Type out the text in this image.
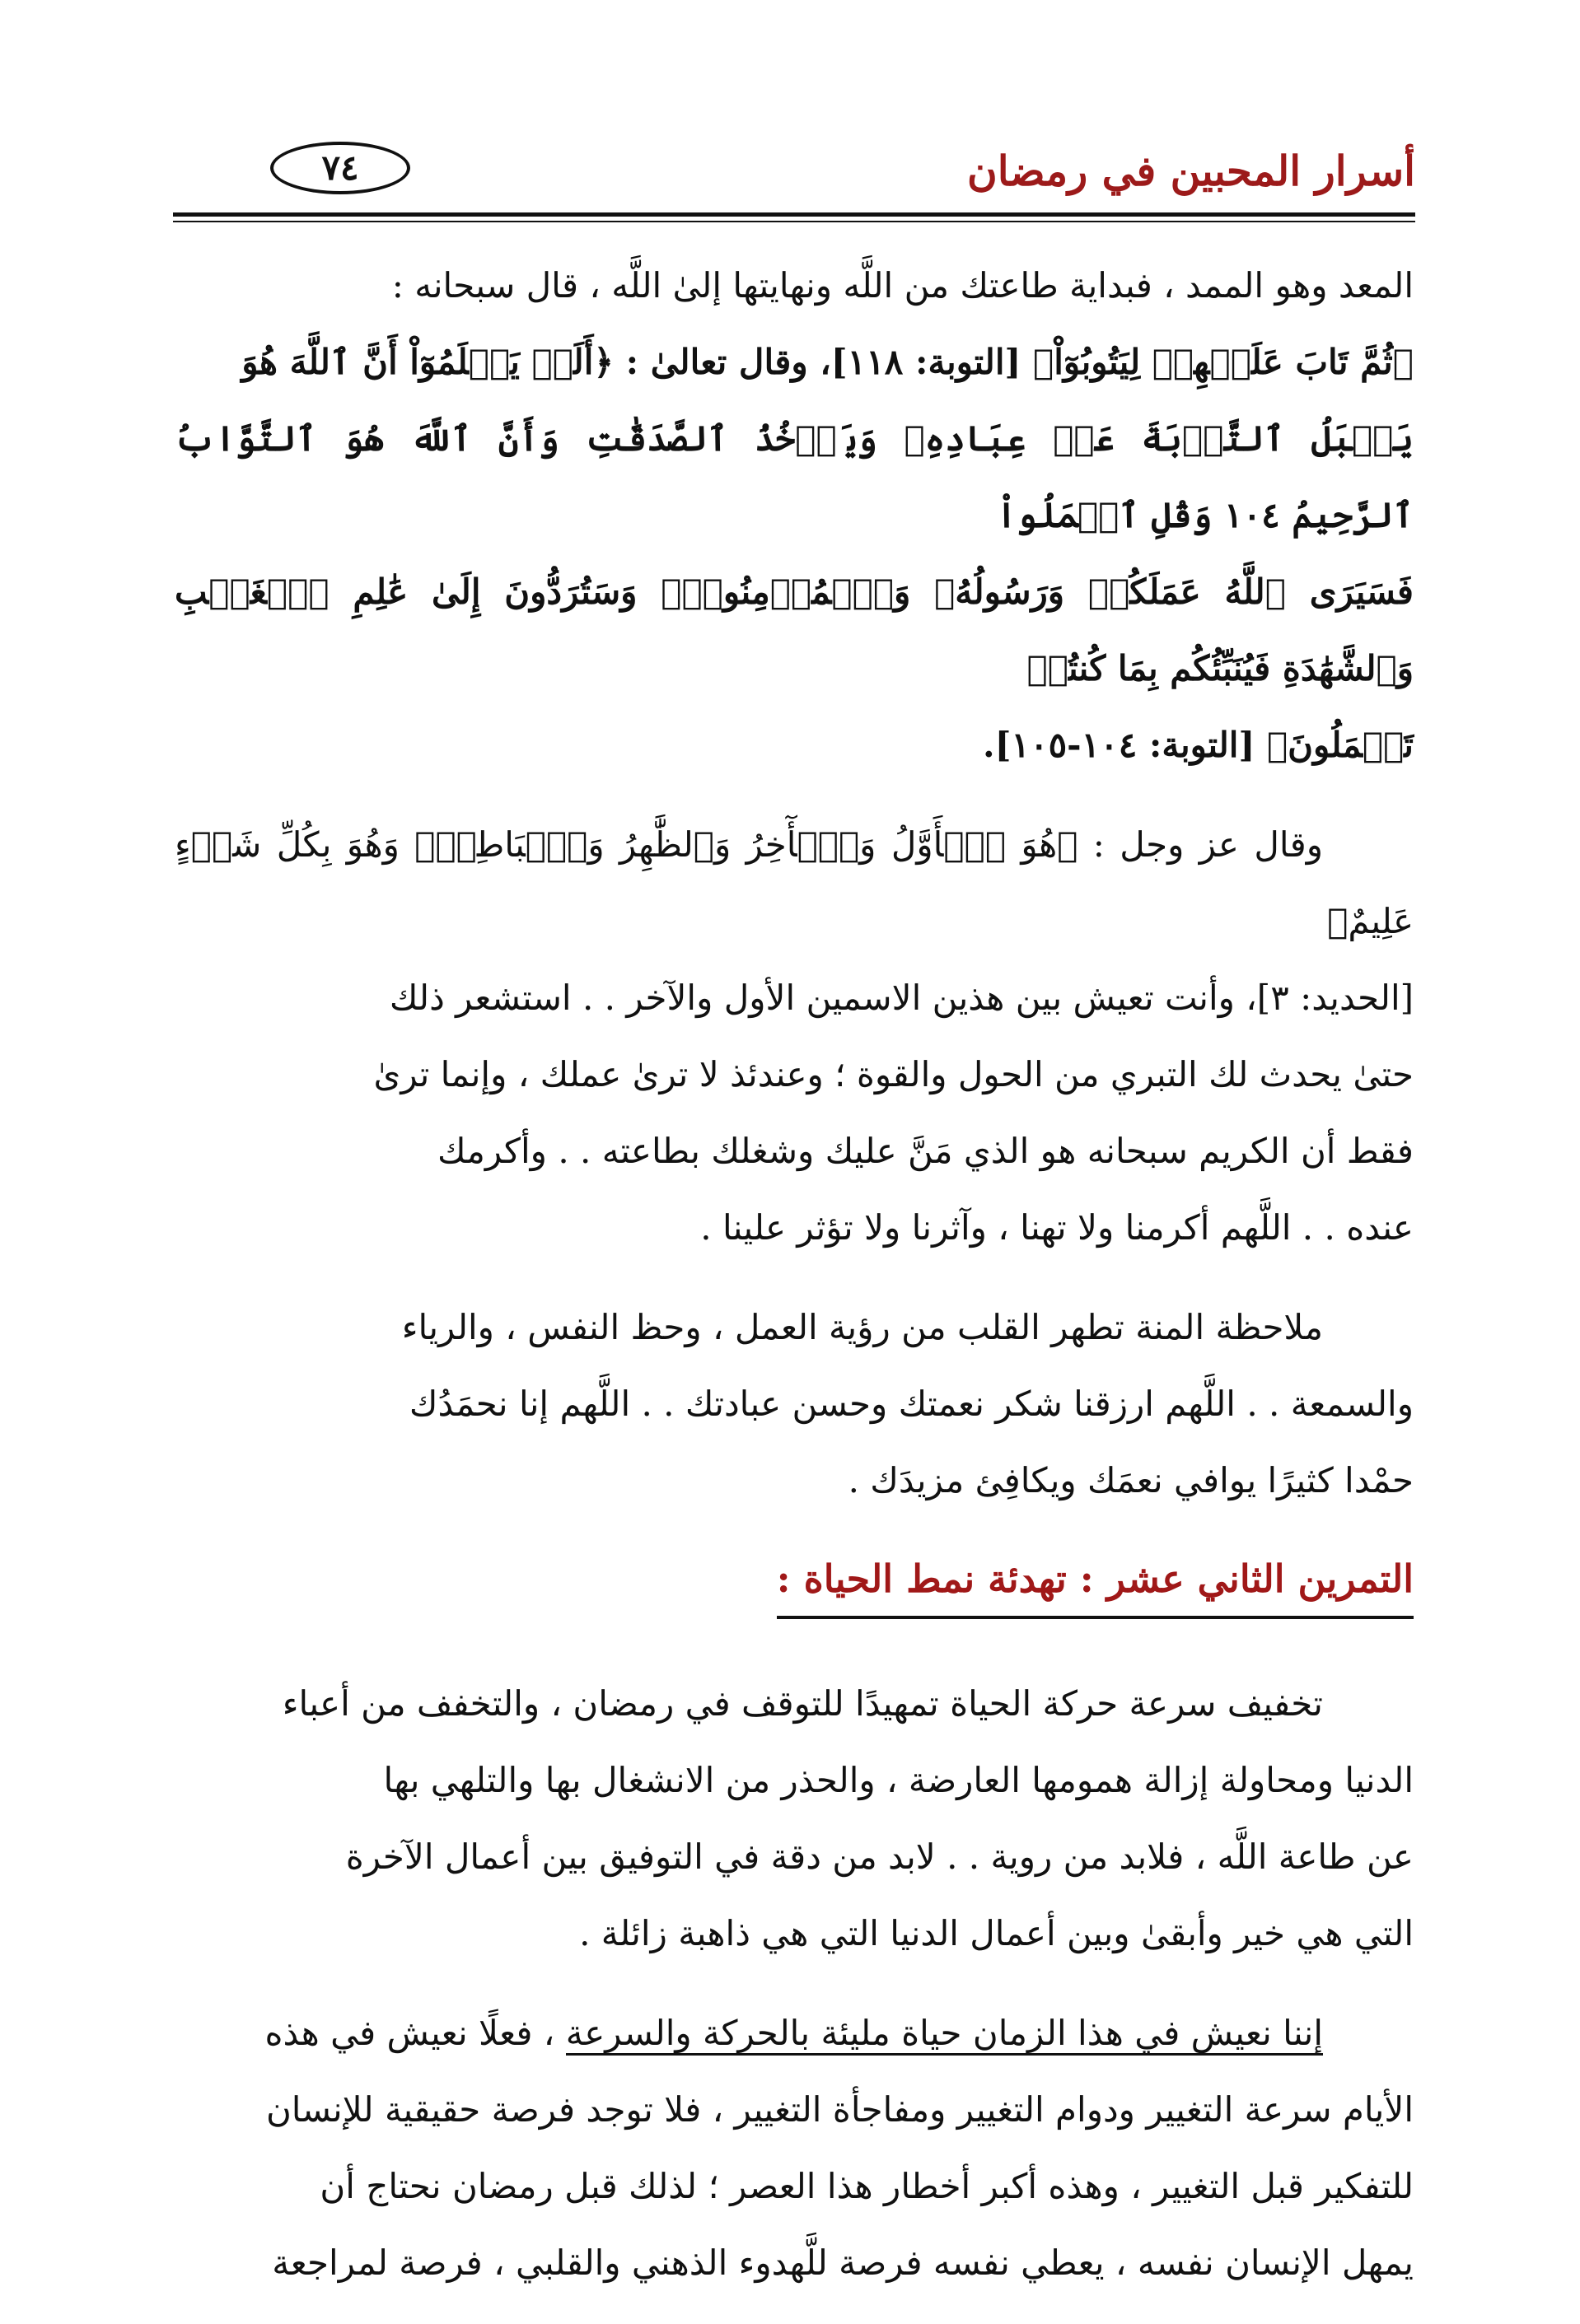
أسرار المحبين في رمضان
٧٤
المعد وهو الممد ، فبداية طاعتك من اللَّه ونهايتها إلىٰ اللَّه ، قال سبحانه :
﴿ثُمَّ تَابَ عَلَيۡهِمۡ لِيَتُوبُوٓاْ﴾ [التوبة: ١١٨]، وقال تعالىٰ : ﴿أَلَمۡ يَعۡلَمُوٓاْ أَنَّ ٱللَّهَ هُوَ
يَقۡبَلُ ٱلتَّوۡبَةَ عَنۡ عِبَادِهِۦ وَيَأۡخُذُ ٱلصَّدَقَٰتِ وَأَنَّ ٱللَّهَ هُوَ ٱلتَّوَّابُ ٱلرَّحِيمُ ١٠٤ وَقُلِ ٱعۡمَلُواْ
فَسَيَرَى ٱللَّهُ عَمَلَكُمۡ وَرَسُولُهُۥ وَٱلۡمُؤۡمِنُونَۖ وَسَتُرَدُّونَ إِلَىٰ عَٰلِمِ ٱلۡغَيۡبِ وَٱلشَّهَٰدَةِ فَيُنَبِّئُكُم بِمَا كُنتُمۡ
تَعۡمَلُونَ﴾ [التوبة: ١٠٤-١٠٥].
وقال عز وجل : ﴿هُوَ ٱلۡأَوَّلُ وَٱلۡأٓخِرُ وَٱلظَّٰهِرُ وَٱلۡبَاطِنُۖ وَهُوَ بِكُلِّ شَيۡءٍ عَلِيمٌ﴾
[الحديد: ٣]، وأنت تعيش بين هذين الاسمين الأول والآخر . . استشعر ذلك
حتىٰ يحدث لك التبري من الحول والقوة ؛ وعندئذ لا ترىٰ عملك ، وإنما ترىٰ
فقط أن الكريم سبحانه هو الذي مَنَّ عليك وشغلك بطاعته . . وأكرمك
عنده . . اللَّهم أكرمنا ولا تهنا ، وآثرنا ولا تؤثر علينا .
ملاحظة المنة تطهر القلب من رؤية العمل ، وحظ النفس ، والرياء
والسمعة . . اللَّهم ارزقنا شكر نعمتك وحسن عبادتك . . اللَّهم إنا نحمَدُك
حمْدا كثيرًا يوافي نعمَك ويكافِئ مزيدَك .
التمرين الثاني عشر : تهدئة نمط الحياة :
تخفيف سرعة حركة الحياة تمهيدًا للتوقف في رمضان ، والتخفف من أعباء
الدنيا ومحاولة إزالة همومها العارضة ، والحذر من الانشغال بها والتلهي بها
عن طاعة اللَّه ، فلابد من روية . . لابد من دقة في التوفيق بين أعمال الآخرة
التي هي خير وأبقىٰ وبين أعمال الدنيا التي هي ذاهبة زائلة .
إننا نعيش في هذا الزمان حياة مليئة بالحركة والسرعة ، فعلًا نعيش في هذه
الأيام سرعة التغيير ودوام التغيير ومفاجأة التغيير ، فلا توجد فرصة حقيقية للإنسان
للتفكير قبل التغيير ، وهذه أكبر أخطار هذا العصر ؛ لذلك قبل رمضان نحتاج أن
يمهل الإنسان نفسه ، يعطي نفسه فرصة للَّهدوء الذهني والقلبي ، فرصة لمراجعة
